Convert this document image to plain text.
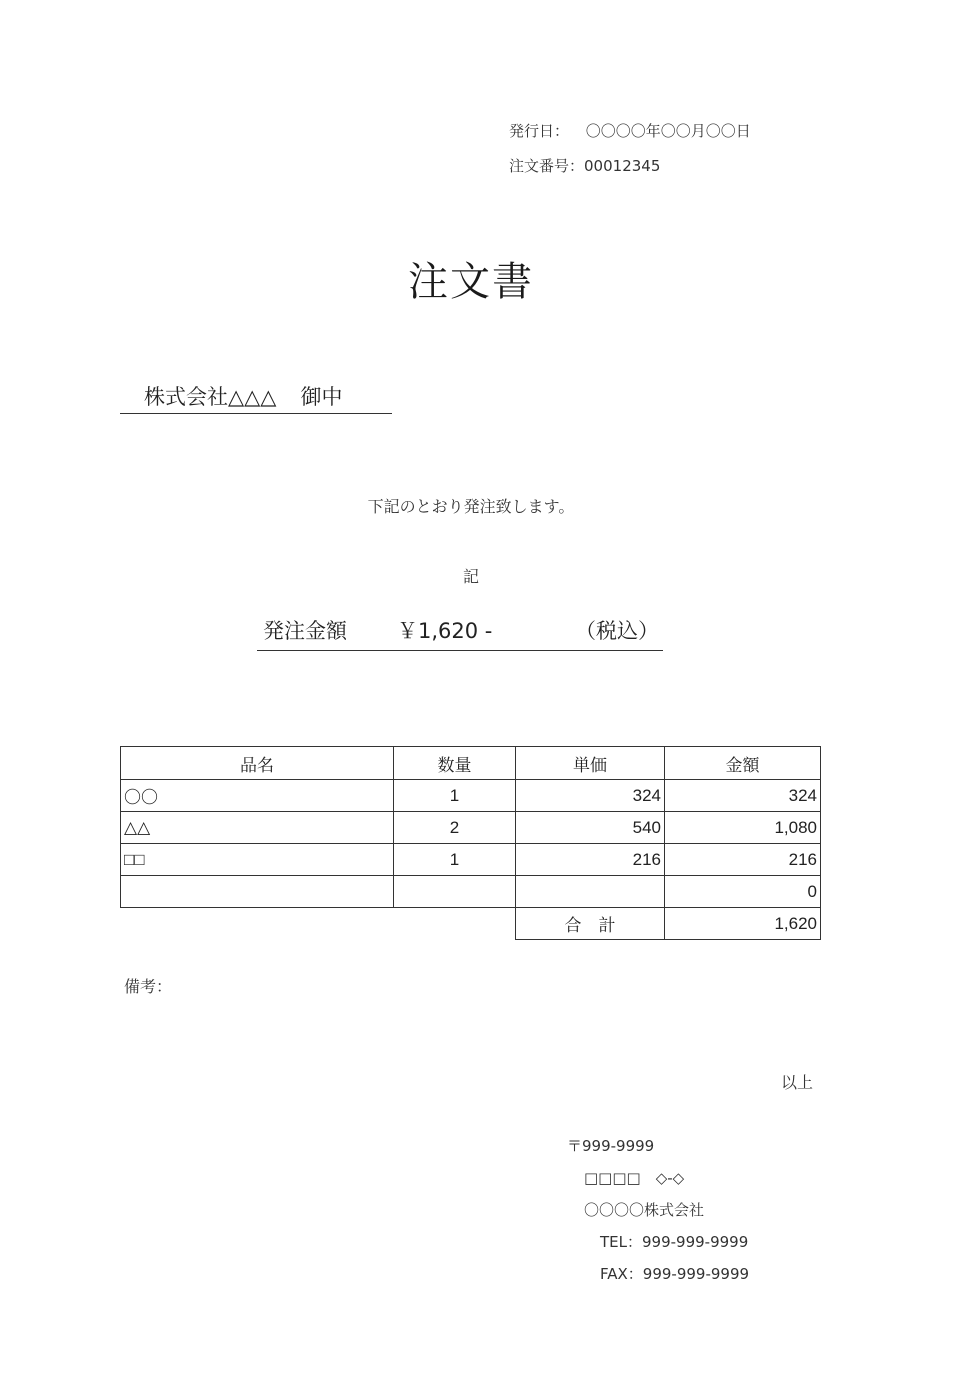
発行日： 〇〇〇〇年〇〇月〇〇日
注文番号：00012345
注文書
株式会社△△△ 御中
下記のとおり発注致します。
記
発注金額 ￥1,620 -	（税込）
品名	数量	単価	金額
〇〇	1	324	324
△△	2	540	1,080
□□	1	216	216
			0
		合　計	1,620
備考：
以上
〒999-9999
□□□□　◇-◇
〇〇〇〇株式会社
TEL：999-999-9999
FAX：999-999-9999
